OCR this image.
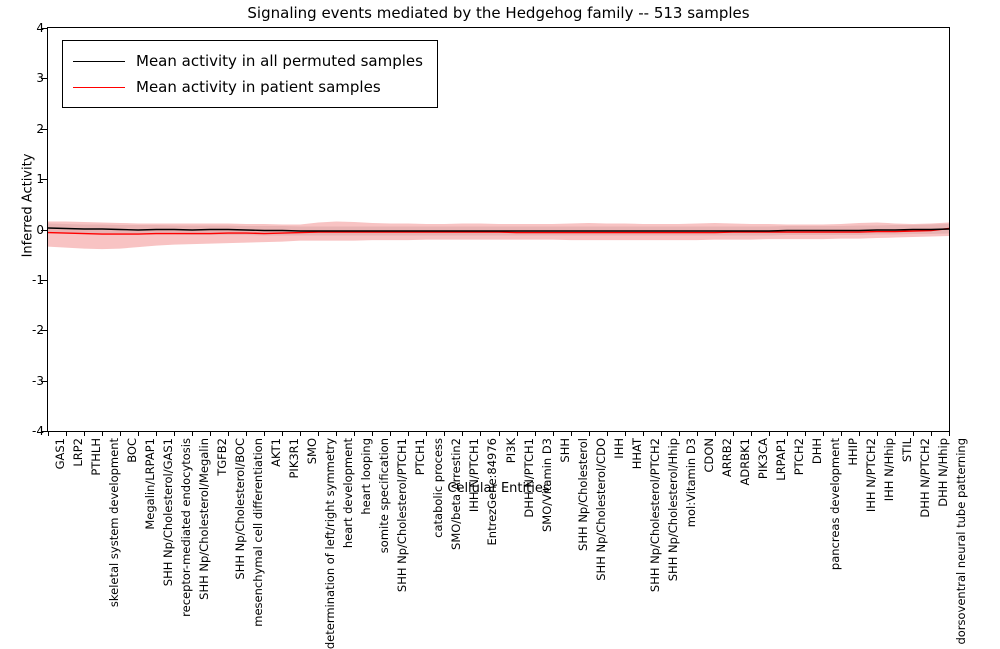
Signaling events mediated by the Hedgehog family -- 513 samples
Inferred Activity
Cellular Entities
-4
-3
-2
-1
0
1
2
3
4
GAS1 LRP2 PTHLH skeletal system development BOC Megalin/LRPAP1 SHH Np/Cholesterol/GAS1 receptor-mediated endocytosis SHH Np/Cholesterol/Megalin TGFB2 SHH Np/Cholesterol/BOC mesenchymal cell differentiation AKT1 PIK3R1 SMO determination of left/right symmetry heart development heart looping somite specification SHH Np/Cholesterol/PTCH1 PTCH1 catabolic process SMO/beta Arrestin2 IHH N/PTCH1 EntrezGene:84976 PI3K DHH N/PTCH1 SMO/Vitamin D3 SHH SHH Np/Cholesterol SHH Np/Cholesterol/CDO IHH HHAT SHH Np/Cholesterol/PTCH2 SHH Np/Cholesterol/Hhip mol:Vitamin D3 CDON ARRB2 ADRBK1 PIK3CA LRPAP1 PTCH2 DHH pancreas development HHIP IHH N/PTCH2 IHH N/Hhip STIL DHH N/PTCH2 DHH N/Hhip dorsoventral neural tube patterning
Mean activity in all permuted samples
Mean activity in patient samples
